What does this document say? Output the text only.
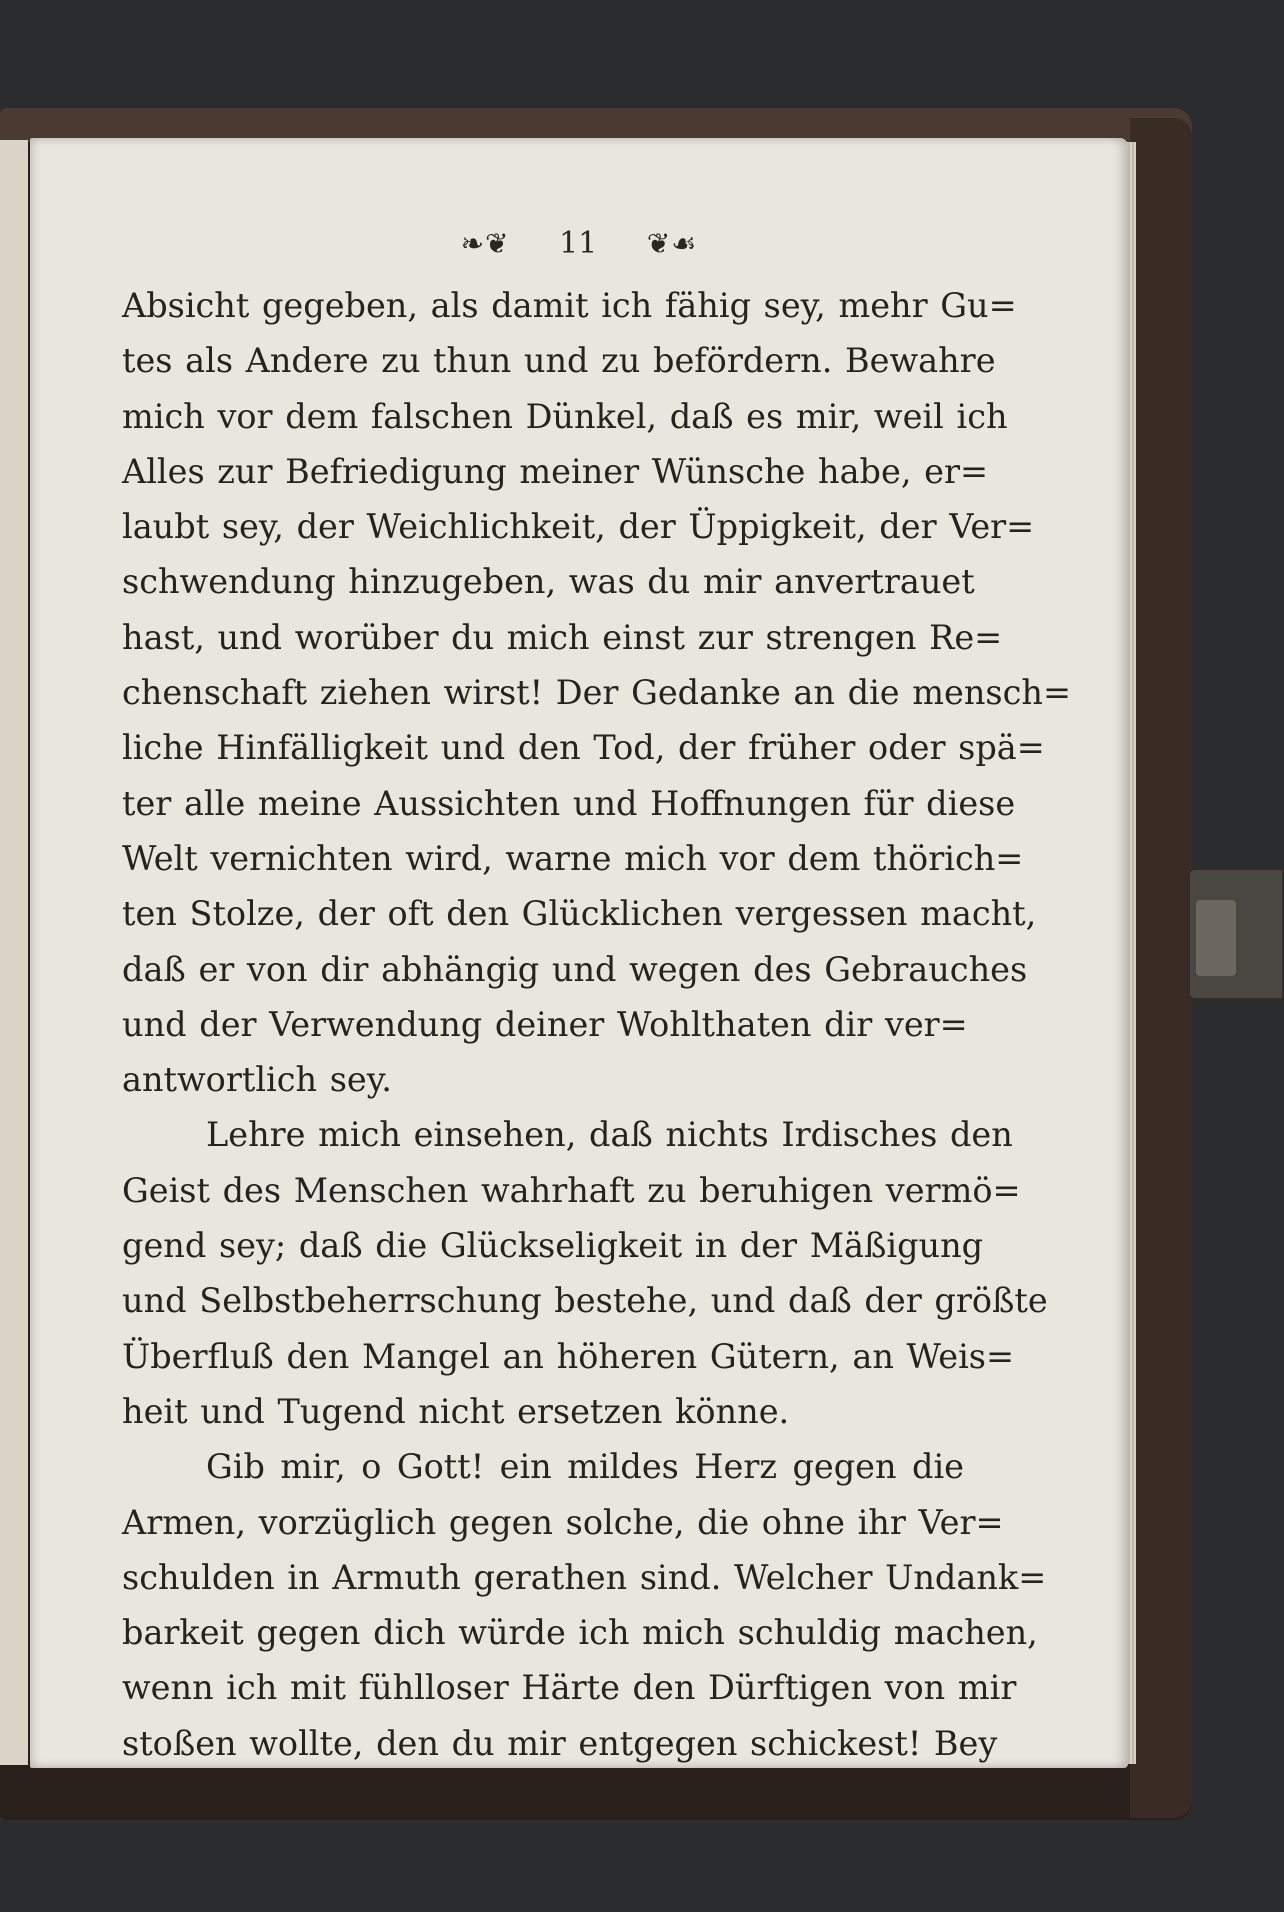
❧❦ 11 ❦☙
Absicht gegeben, als damit ich fähig sey, mehr Gu=
tes als Andere zu thun und zu befördern. Bewahre
mich vor dem falschen Dünkel, daß es mir, weil ich
Alles zur Befriedigung meiner Wünsche habe, er=
laubt sey, der Weichlichkeit, der Üppigkeit, der Ver=
schwendung hinzugeben, was du mir anvertrauet
hast, und worüber du mich einst zur strengen Re=
chenschaft ziehen wirst! Der Gedanke an die mensch=
liche Hinfälligkeit und den Tod, der früher oder spä=
ter alle meine Aussichten und Hoffnungen für diese
Welt vernichten wird, warne mich vor dem thörich=
ten Stolze, der oft den Glücklichen vergessen macht,
daß er von dir abhängig und wegen des Gebrauches
und der Verwendung deiner Wohlthaten dir ver=
antwortlich sey.
Lehre mich einsehen, daß nichts Irdisches den
Geist des Menschen wahrhaft zu beruhigen vermö=
gend sey; daß die Glückseligkeit in der Mäßigung
und Selbstbeherrschung bestehe, und daß der größte
Überfluß den Mangel an höheren Gütern, an Weis=
heit und Tugend nicht ersetzen könne.
Gib mir, o Gott! ein mildes Herz gegen die
Armen, vorzüglich gegen solche, die ohne ihr Ver=
schulden in Armuth gerathen sind. Welcher Undank=
barkeit gegen dich würde ich mich schuldig machen,
wenn ich mit fühlloser Härte den Dürftigen von mir
stoßen wollte, den du mir entgegen schickest! Bey
